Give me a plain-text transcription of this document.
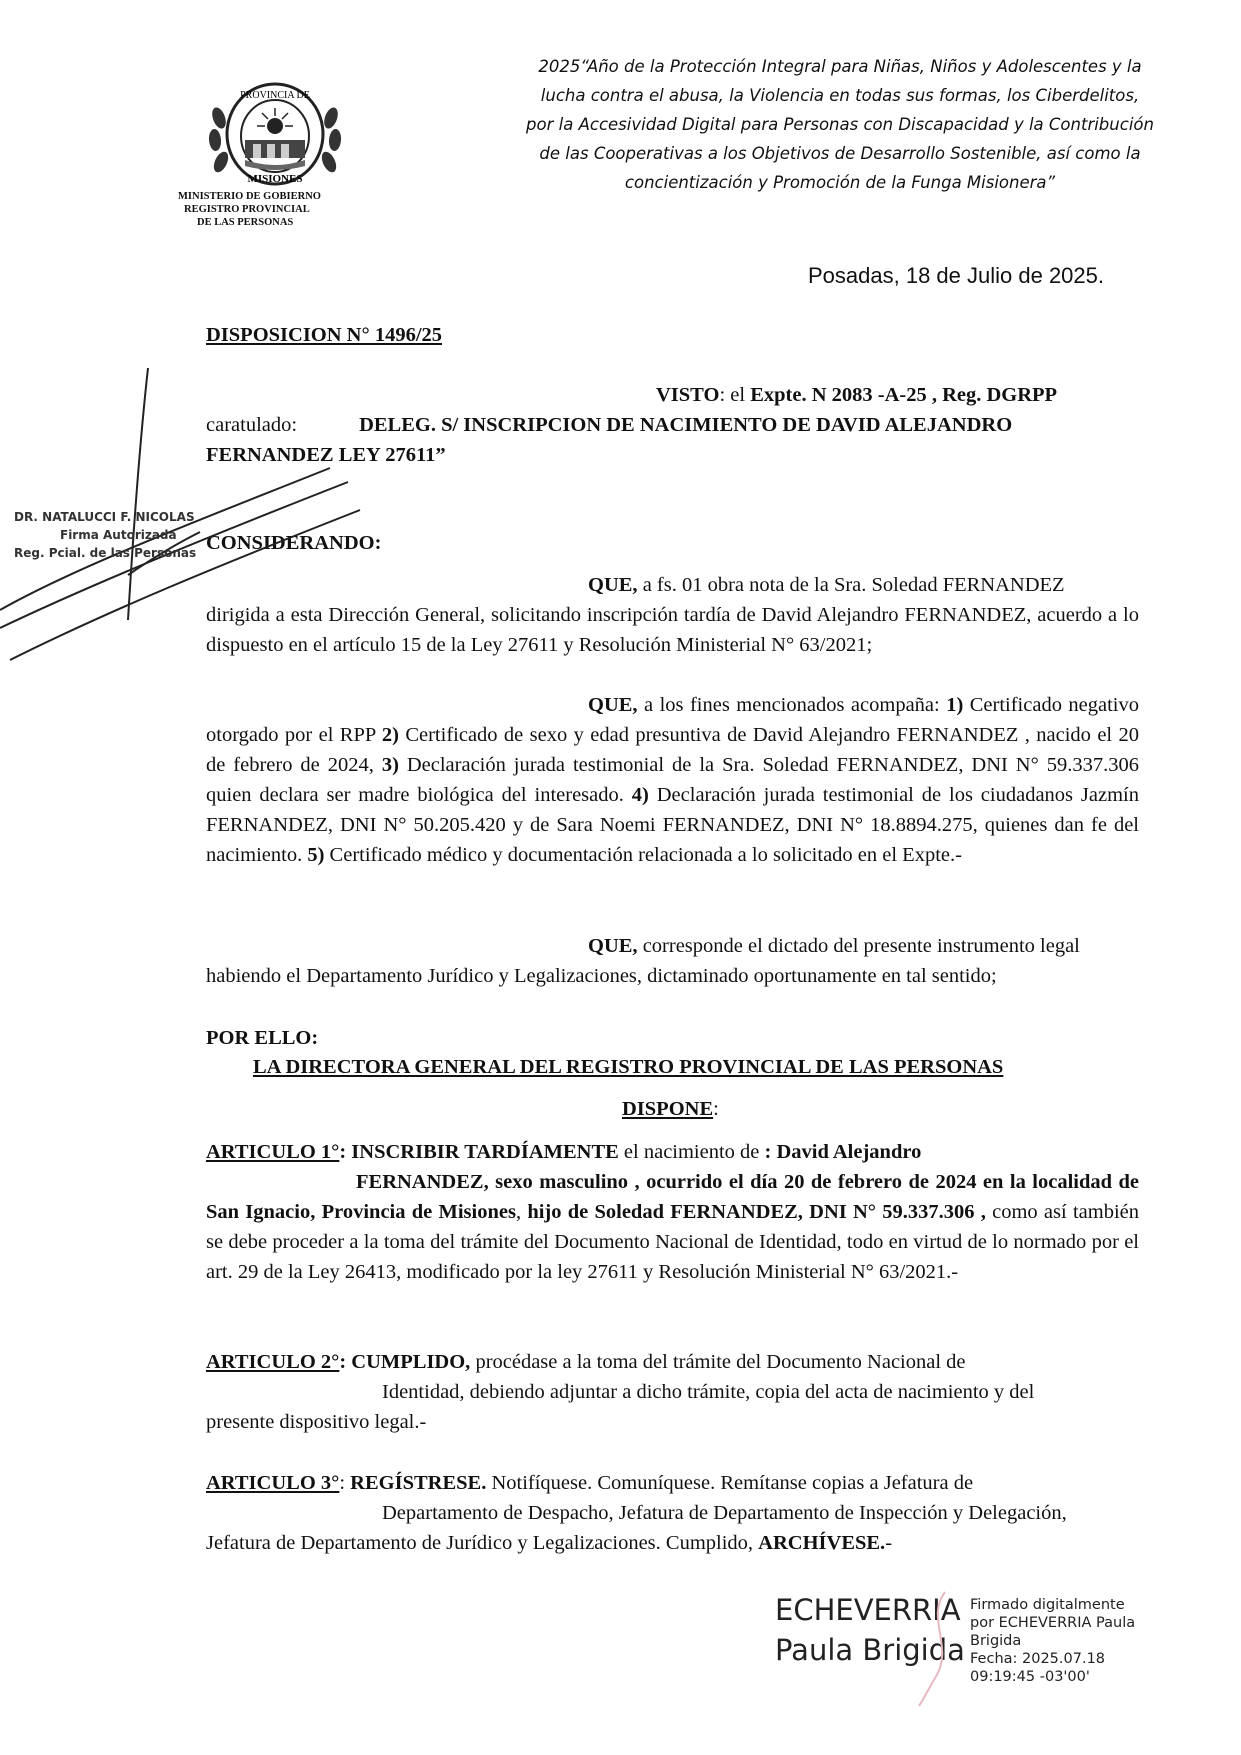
PROVINCIA DE
MISIONES
MINISTERIO DE GOBIERNO
REGISTRO PROVINCIAL
DE LAS PERSONAS
2025“Año de la Protección Integral para Niñas, Niños y Adolescentes y la
lucha contra el abusa, la Violencia en todas sus formas, los Ciberdelitos,
por la Accesividad Digital para Personas con Discapacidad y la Contribución
de las Cooperativas a los Objetivos de Desarrollo Sostenible, así como la
concientización y Promoción de la Funga Misionera”
Posadas, 18 de Julio de 2025.
DISPOSICION N° 1496/25
VISTO: el Expte. N 2083 -A-25 , Reg. DGRPP
caratulado:	DELEG. S/ INSCRIPCION DE NACIMIENTO DE DAVID ALEJANDRO
FERNANDEZ LEY 27611”
CONSIDERANDO:
QUE, a fs. 01 obra nota de la Sra. Soledad FERNANDEZ
dirigida a esta Dirección General, solicitando inscripción tardía de David Alejandro FERNANDEZ, acuerdo a lo dispuesto en el artículo 15 de la Ley 27611 y Resolución Ministerial N° 63/2021;
QUE, a los fines mencionados acompaña: 1) Certificado negativo otorgado por el RPP 2) Certificado de sexo y edad presuntiva de David Alejandro FERNANDEZ , nacido el 20 de febrero de 2024, 3) Declaración jurada testimonial de la Sra. Soledad FERNANDEZ, DNI N° 59.337.306 quien declara ser madre biológica del interesado. 4) Declaración jurada testimonial de los ciudadanos Jazmín FERNANDEZ, DNI N° 50.205.420 y de Sara Noemi FERNANDEZ, DNI N° 18.8894.275, quienes dan fe del nacimiento. 5) Certificado médico y documentación relacionada a lo solicitado en el Expte.-
QUE, corresponde el dictado del presente instrumento legal
habiendo el Departamento Jurídico y Legalizaciones, dictaminado oportunamente en tal sentido;
POR ELLO:
LA DIRECTORA GENERAL DEL REGISTRO PROVINCIAL DE LAS PERSONAS
DISPONE:
ARTICULO 1°: INSCRIBIR TARDÍAMENTE el nacimiento de : David Alejandro
FERNANDEZ, sexo masculino , ocurrido el día 20 de febrero de 2024 en la localidad de San Ignacio, Provincia de Misiones, hijo de Soledad FERNANDEZ, DNI N° 59.337.306 , como así también se debe proceder a la toma del trámite del Documento Nacional de Identidad, todo en virtud de lo normado por el art. 29 de la Ley 26413, modificado por la ley 27611 y Resolución Ministerial N° 63/2021.-
ARTICULO 2°: CUMPLIDO, procédase a la toma del trámite del Documento Nacional de
Identidad, debiendo adjuntar a dicho trámite, copia del acta de nacimiento y del
presente dispositivo legal.-
ARTICULO 3°: REGÍSTRESE. Notifíquese. Comuníquese. Remítanse copias a Jefatura de
Departamento de Despacho, Jefatura de Departamento de Inspección y Delegación,
Jefatura de Departamento de Jurídico y Legalizaciones. Cumplido, ARCHÍVESE.-
DR. NATALUCCI F. NICOLAS
Firma Autorizada
Reg. Pcial. de las Personas
ECHEVERRIA
Paula Brigida
Firmado digitalmente
por ECHEVERRIA Paula
Brigida
Fecha: 2025.07.18
09:19:45 -03'00'
